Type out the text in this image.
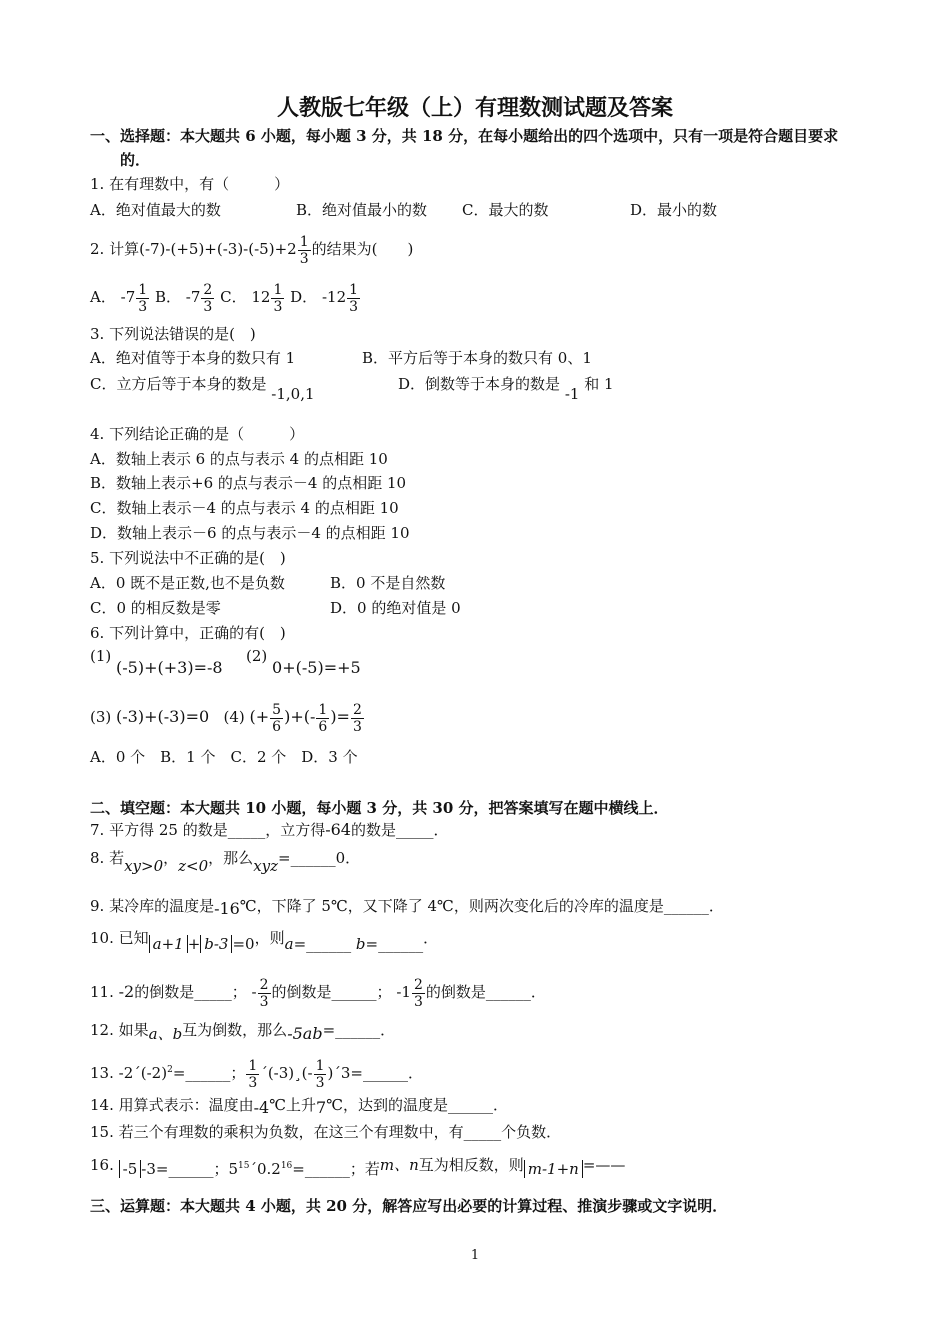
人教版七年级（上）有理数测试题及答案
一、选择题：本大题共 6 小题，每小题 3 分，共 18 分，在每小题给出的四个选项中，只有一项是符合题目要求
的．
1. 在有理数中，有（　　　）
A．绝对值最大的数	B．绝对值最小的数 C．最大的数	D．最小的数
2. 计算$(-7)-(+5)+(-3)-(-5)+2 \frac{1}{3}$ 的结果为(　　)
A． $-7 \frac{1}{3}$ B． $-7 \frac{2}{3}$ C． $12 \frac{1}{3}$ D． $-12 \frac{1}{3}$
3. 下列说法错误的是(　)
A．绝对值等于本身的数只有 1	B．平方后等于本身的数只有 0、1
C．立方后等于本身的数是 -1,0,1
D．倒数等于本身的数是 -1 和 1
4. 下列结论正确的是（　　　）
A．数轴上表示 6 的点与表示 4 的点相距 10
B．数轴上表示+6 的点与表示－4 的点相距 10
C．数轴上表示－4 的点与表示 4 的点相距 10
D．数轴上表示－6 的点与表示－4 的点相距 10
5. 下列说法中不正确的是(　)
A．0 既不是正数,也不是负数	B．0 不是自然数
C．0 的相反数是零	D．0 的绝对值是 0
6. 下列计算中，正确的有(　)
(1) (-5)+(+3)=-8
(2) 0+(-5)=+5
(3) (-3)+(-3)=0 (4) (+ $\frac{5}{6}$ )+(- $\frac{1}{6}$ )= $\frac{2}{3}$
A．0 个　B．1 个　C．2 个　D．3 个
二、填空题：本大题共 10 小题，每小题 3 分，共 30 分，把答案填写在题中横线上．
7. 平方得 25 的数是_____，立方得-64的数是_____．
8. 若xy>0，z<0，那么xyz=______0．
9. 某冷库的温度是-16℃，下降了 5℃，又下降了 4℃，则两次变化后的冷库的温度是______．
10. 已知 a+1 + b-3 =0，则a=______ b=______．
11. -2的倒数是_____； - $\frac{2}{3}$ 的倒数是______； $-1 \frac{2}{3}$ 的倒数是______．
12. 如果a、b互为倒数，那么-5ab=______．
13. $-2´(-2)^2=\_\_\_\_\_\_$； $\frac{1}{3}$ ´(-3)¸(- $\frac{1}{3}$ )´3=______．
14. 用算式表示：温度由-4℃上升7℃，达到的温度是______．
15. 若三个有理数的乘积为负数，在这三个有理数中，有_____个负数．
16. -5 -3=______；$5^{15}´0.2^{16}=\_\_\_\_\_\_$；若m、n互为相反数，则 m-1+n =——
三、运算题：本大题共 4 小题，共 20 分，解答应写出必要的计算过程、推演步骤或文字说明．
1
